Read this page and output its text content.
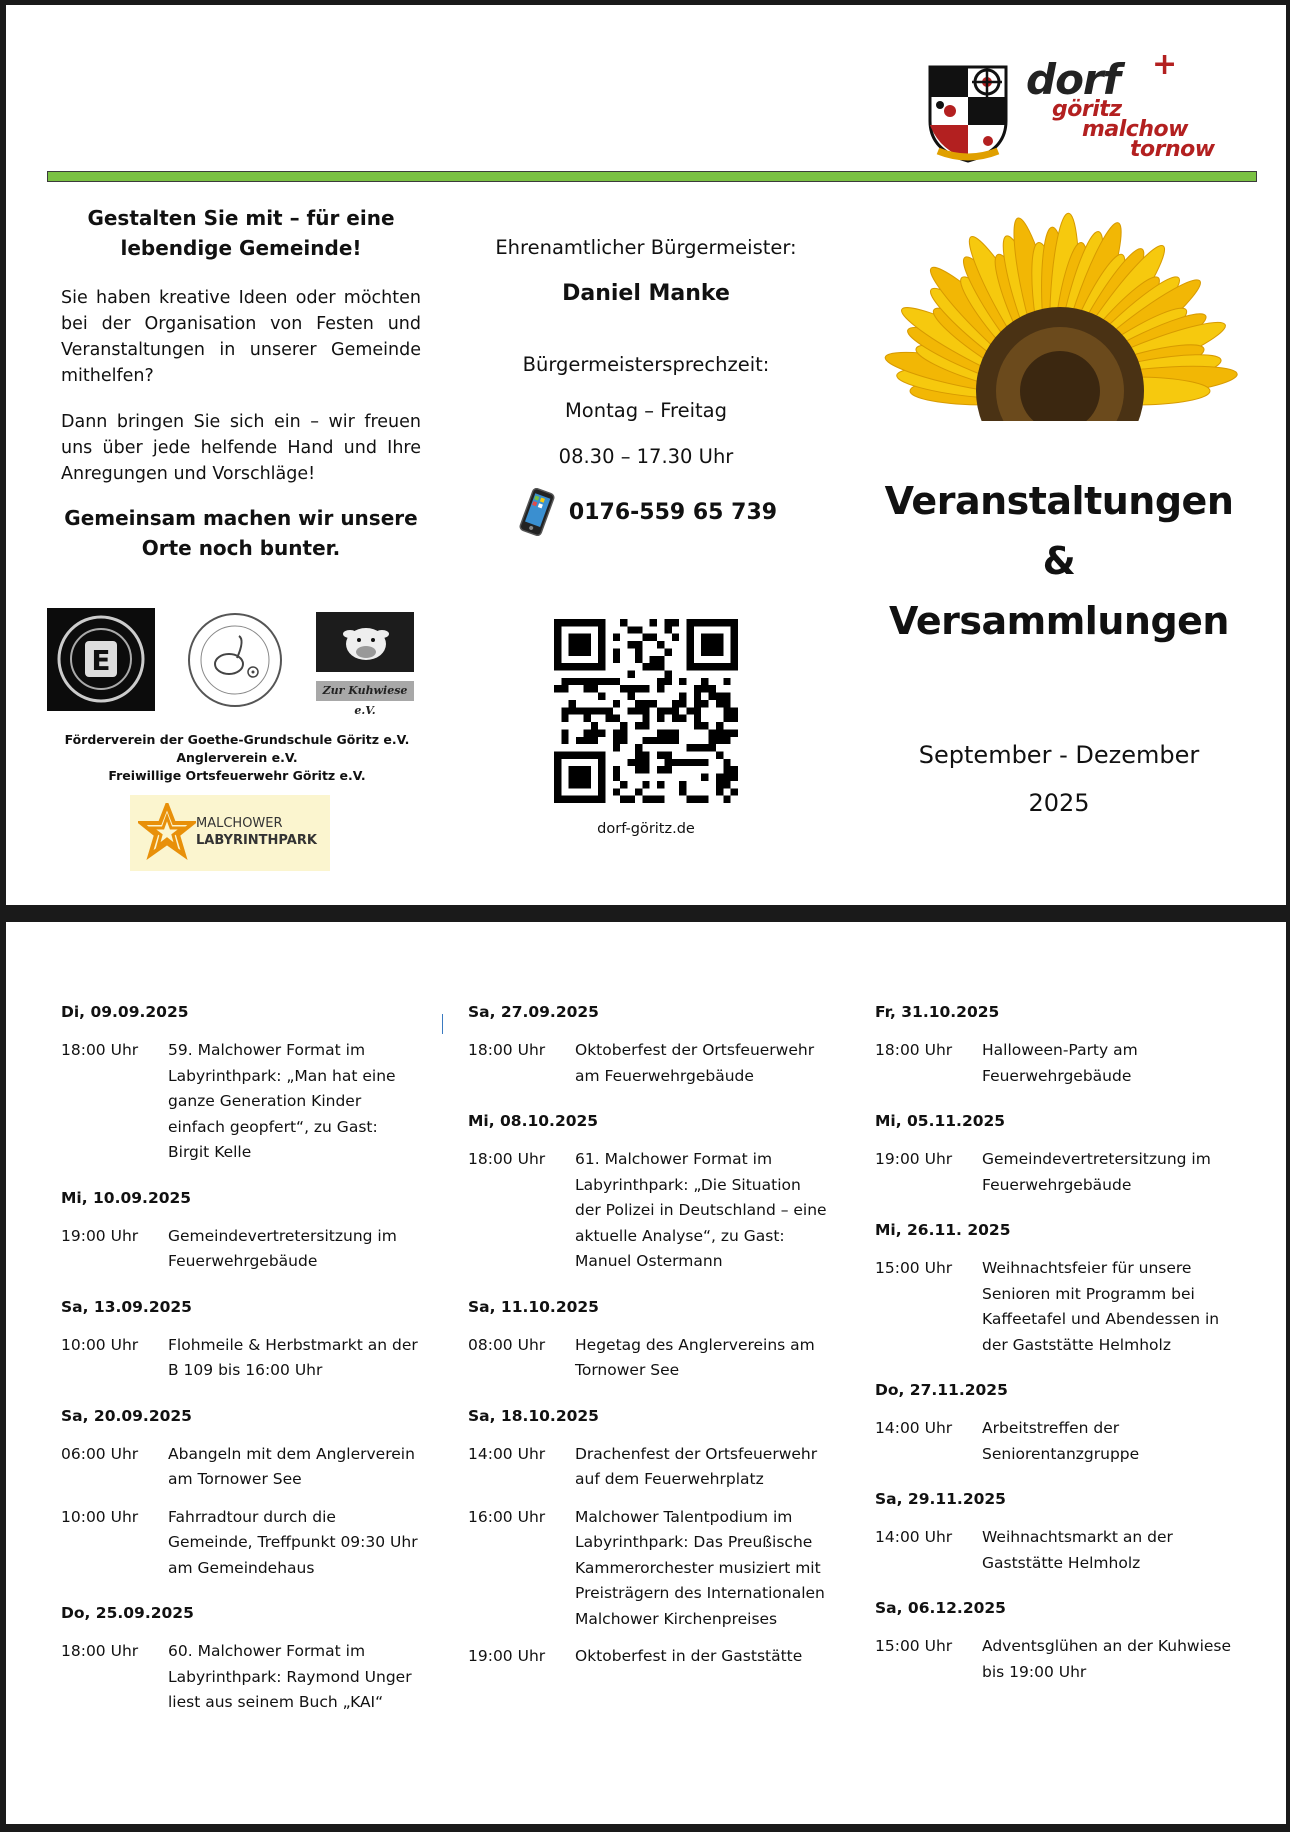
dorf +
göritz
malchow
tornow
Gestalten Sie mit – für eine lebendige Gemeinde!

Sie haben kreative Ideen oder möchten bei der Organisation von Festen und Veranstaltungen in unserer Gemeinde mithelfen?

Dann bringen Sie sich ein – wir freuen uns über jede helfende Hand und Ihre Anregungen und Vorschläge!

Gemeinsam machen wir unsere Orte noch bunter.
E
Zur Kuhwiese e.V.
Förderverein der Goethe-Grundschule Göritz e.V.
Anglerverein e.V.
Freiwillige Ortsfeuerwehr Göritz e.V.
MALCHOWER
LABYRINTHPARK
Ehrenamtlicher Bürgermeister:
Daniel Manke
Bürgermeistersprechzeit:
Montag – Freitag
08.30 – 17.30 Uhr
0176-559 65 739
dorf-göritz.de
Veranstaltungen
&
Versammlungen
September - Dezember
2025
Di, 09.09.2025
18:00 Uhr	59. Malchower Format im Labyrinthpark: „Man hat eine ganze Generation Kinder einfach geopfert“, zu Gast: Birgit Kelle
Mi, 10.09.2025
19:00 Uhr	Gemeindevertretersitzung im Feuerwehrgebäude
Sa, 13.09.2025
10:00 Uhr	Flohmeile & Herbstmarkt an der B 109 bis 16:00 Uhr
Sa, 20.09.2025
06:00 Uhr	Abangeln mit dem Anglerverein am Tornower See
10:00 Uhr	Fahrradtour durch die Gemeinde, Treffpunkt 09:30 Uhr am Gemeindehaus
Do, 25.09.2025
18:00 Uhr	60. Malchower Format im Labyrinthpark: Raymond Unger liest aus seinem Buch „KAI“
Sa, 27.09.2025
18:00 Uhr	Oktoberfest der Ortsfeuerwehr am Feuerwehrgebäude
Mi, 08.10.2025
18:00 Uhr	61. Malchower Format im Labyrinthpark: „Die Situation der Polizei in Deutschland – eine aktuelle Analyse“, zu Gast: Manuel Ostermann
Sa, 11.10.2025
08:00 Uhr	Hegetag des Anglervereins am Tornower See
Sa, 18.10.2025
14:00 Uhr	Drachenfest der Ortsfeuerwehr auf dem Feuerwehrplatz
16:00 Uhr	Malchower Talentpodium im Labyrinthpark: Das Preußische Kammerorchester musiziert mit Preisträgern des Internationalen Malchower Kirchenpreises
19:00 Uhr	Oktoberfest in der Gaststätte
Fr, 31.10.2025
18:00 Uhr	Halloween-Party am Feuerwehrgebäude
Mi, 05.11.2025
19:00 Uhr	Gemeindevertretersitzung im Feuerwehrgebäude
Mi, 26.11. 2025
15:00 Uhr	Weihnachtsfeier für unsere Senioren mit Programm bei Kaffeetafel und Abendessen in der Gaststätte Helmholz
Do, 27.11.2025
14:00 Uhr	Arbeitstreffen der Seniorentanzgruppe
Sa, 29.11.2025
14:00 Uhr	Weihnachtsmarkt an der Gaststätte Helmholz
Sa, 06.12.2025
15:00 Uhr	Adventsglühen an der Kuhwiese bis 19:00 Uhr
